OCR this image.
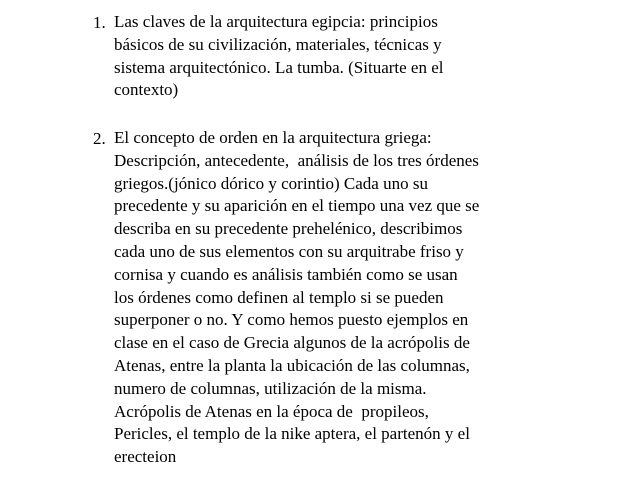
1. Las claves de la arquitectura egipcia: principios
básicos de su civilización, materiales, técnicas y
sistema arquitectónico. La tumba. (Situarte en el
contexto)
2. El concepto de orden en la arquitectura griega:
Descripción, antecedente,  análisis de los tres órdenes
griegos.(jónico dórico y corintio) Cada uno su
precedente y su aparición en el tiempo una vez que se
describa en su precedente prehelénico, describimos
cada uno de sus elementos con su arquitrabe friso y
cornisa y cuando es análisis también como se usan
los órdenes como definen al templo si se pueden
superponer o no. Y como hemos puesto ejemplos en
clase en el caso de Grecia algunos de la acrópolis de
Atenas, entre la planta la ubicación de las columnas,
numero de columnas, utilización de la misma.
Acrópolis de Atenas en la época de  propileos,
Pericles, el templo de la nike aptera, el partenón y el
erecteion
